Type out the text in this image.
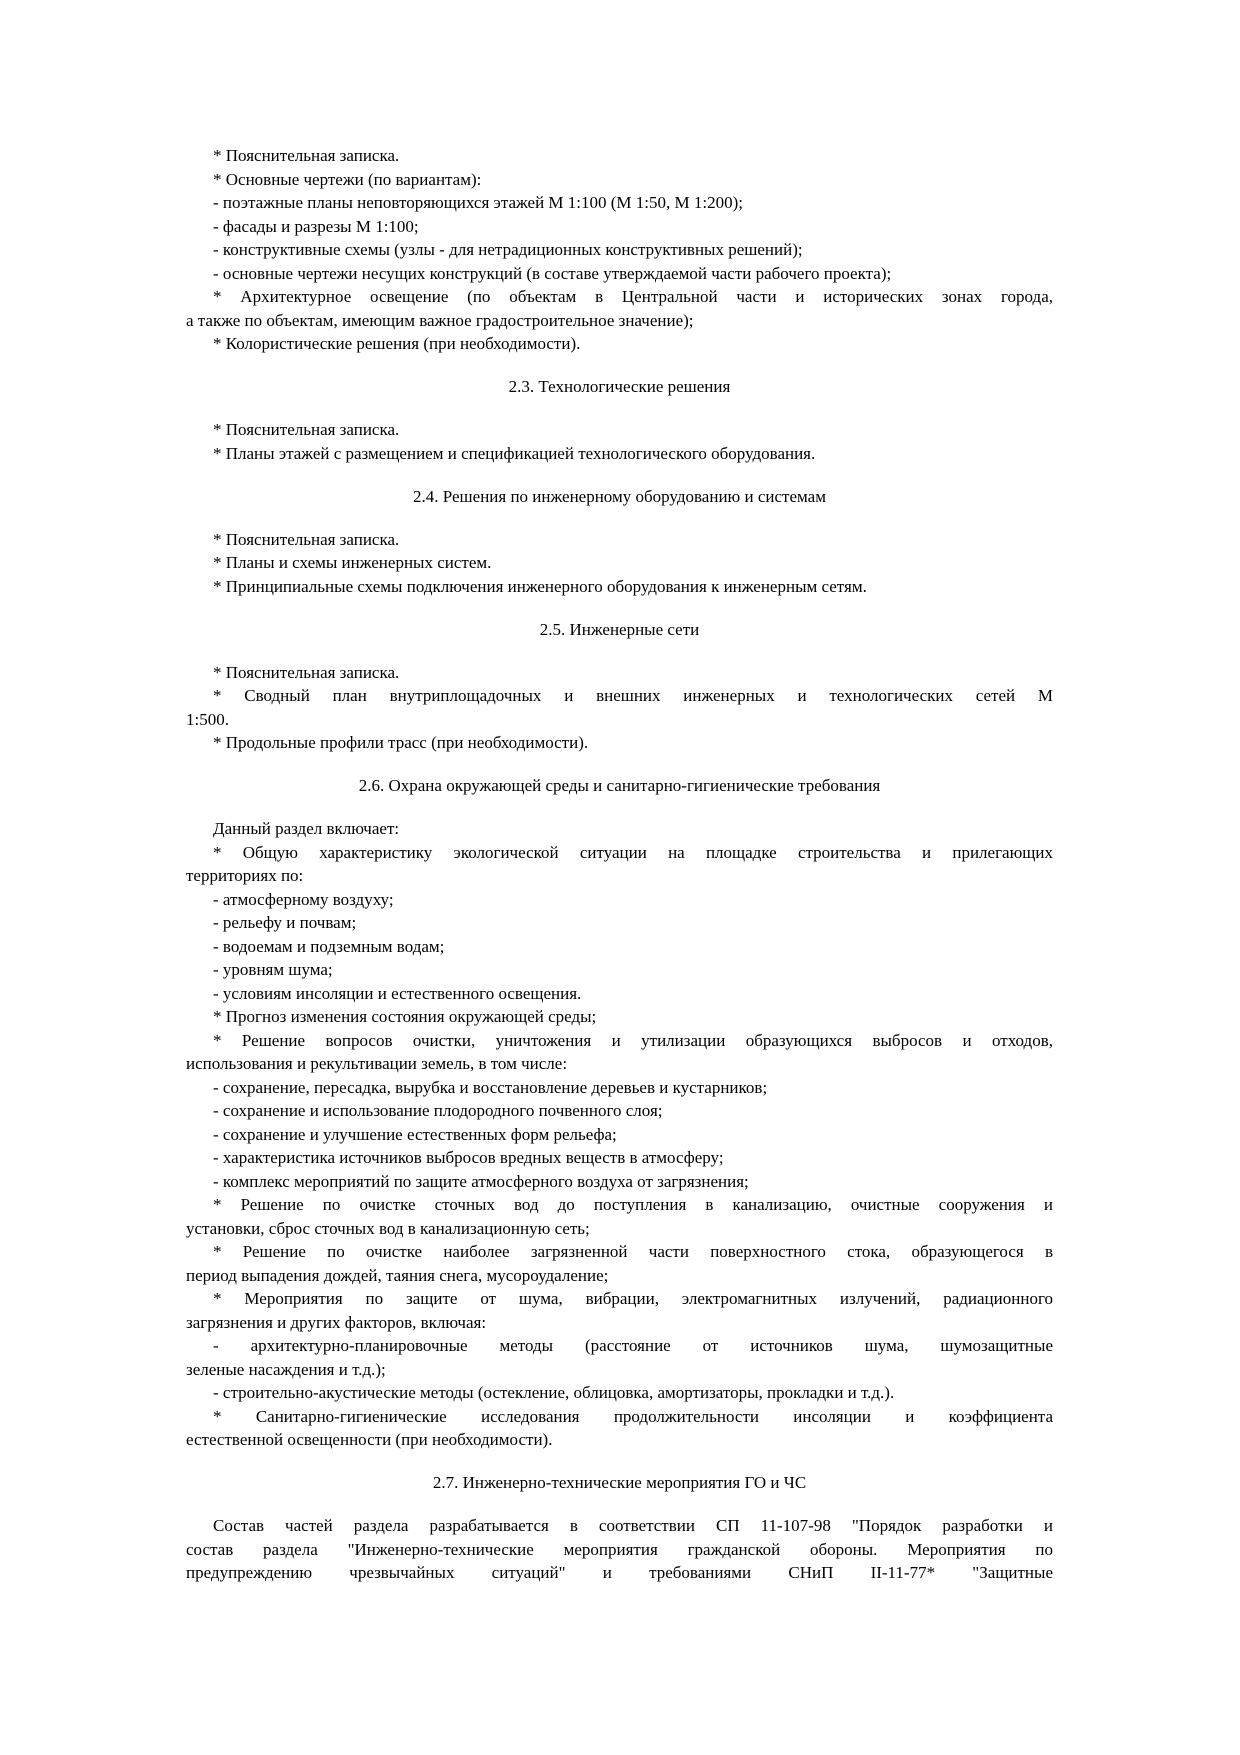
* Пояснительная записка.
* Основные чертежи (по вариантам):
- поэтажные планы неповторяющихся этажей М 1:100 (М 1:50, М 1:200);
- фасады и разрезы М 1:100;
- конструктивные схемы (узлы - для нетрадиционных конструктивных решений);
- основные чертежи несущих конструкций (в составе утверждаемой части рабочего проекта);
* Архитектурное освещение (по объектам в Центральной части и исторических зонах города,
а также по объектам, имеющим важное градостроительное значение);
* Колористические решения (при необходимости).
2.3. Технологические решения
* Пояснительная записка.
* Планы этажей с размещением и спецификацией технологического оборудования.
2.4. Решения по инженерному оборудованию и системам
* Пояснительная записка.
* Планы и схемы инженерных систем.
* Принципиальные схемы подключения инженерного оборудования к инженерным сетям.
2.5. Инженерные сети
* Пояснительная записка.
* Сводный план внутриплощадочных и внешних инженерных и технологических сетей М
1:500.
* Продольные профили трасс (при необходимости).
2.6. Охрана окружающей среды и санитарно-гигиенические требования
Данный раздел включает:
* Общую характеристику экологической ситуации на площадке строительства и прилегающих
территориях по:
- атмосферному воздуху;
- рельефу и почвам;
- водоемам и подземным водам;
- уровням шума;
- условиям инсоляции и естественного освещения.
* Прогноз изменения состояния окружающей среды;
* Решение вопросов очистки, уничтожения и утилизации образующихся выбросов и отходов,
использования и рекультивации земель, в том числе:
- сохранение, пересадка, вырубка и восстановление деревьев и кустарников;
- сохранение и использование плодородного почвенного слоя;
- сохранение и улучшение естественных форм рельефа;
- характеристика источников выбросов вредных веществ в атмосферу;
- комплекс мероприятий по защите атмосферного воздуха от загрязнения;
* Решение по очистке сточных вод до поступления в канализацию, очистные сооружения и
установки, сброс сточных вод в канализационную сеть;
* Решение по очистке наиболее загрязненной части поверхностного стока, образующегося в
период выпадения дождей, таяния снега, мусороудаление;
* Мероприятия по защите от шума, вибрации, электромагнитных излучений, радиационного
загрязнения и других факторов, включая:
- архитектурно-планировочные методы (расстояние от источников шума, шумозащитные
зеленые насаждения и т.д.);
- строительно-акустические методы (остекление, облицовка, амортизаторы, прокладки и т.д.).
* Санитарно-гигиенические исследования продолжительности инсоляции и коэффициента
естественной освещенности (при необходимости).
2.7. Инженерно-технические мероприятия ГО и ЧС
Состав частей раздела разрабатывается в соответствии СП 11-107-98 "Порядок разработки и
состав раздела "Инженерно-технические мероприятия гражданской обороны. Мероприятия по
предупреждению чрезвычайных ситуаций" и требованиями СНиП II-11-77* "Защитные
